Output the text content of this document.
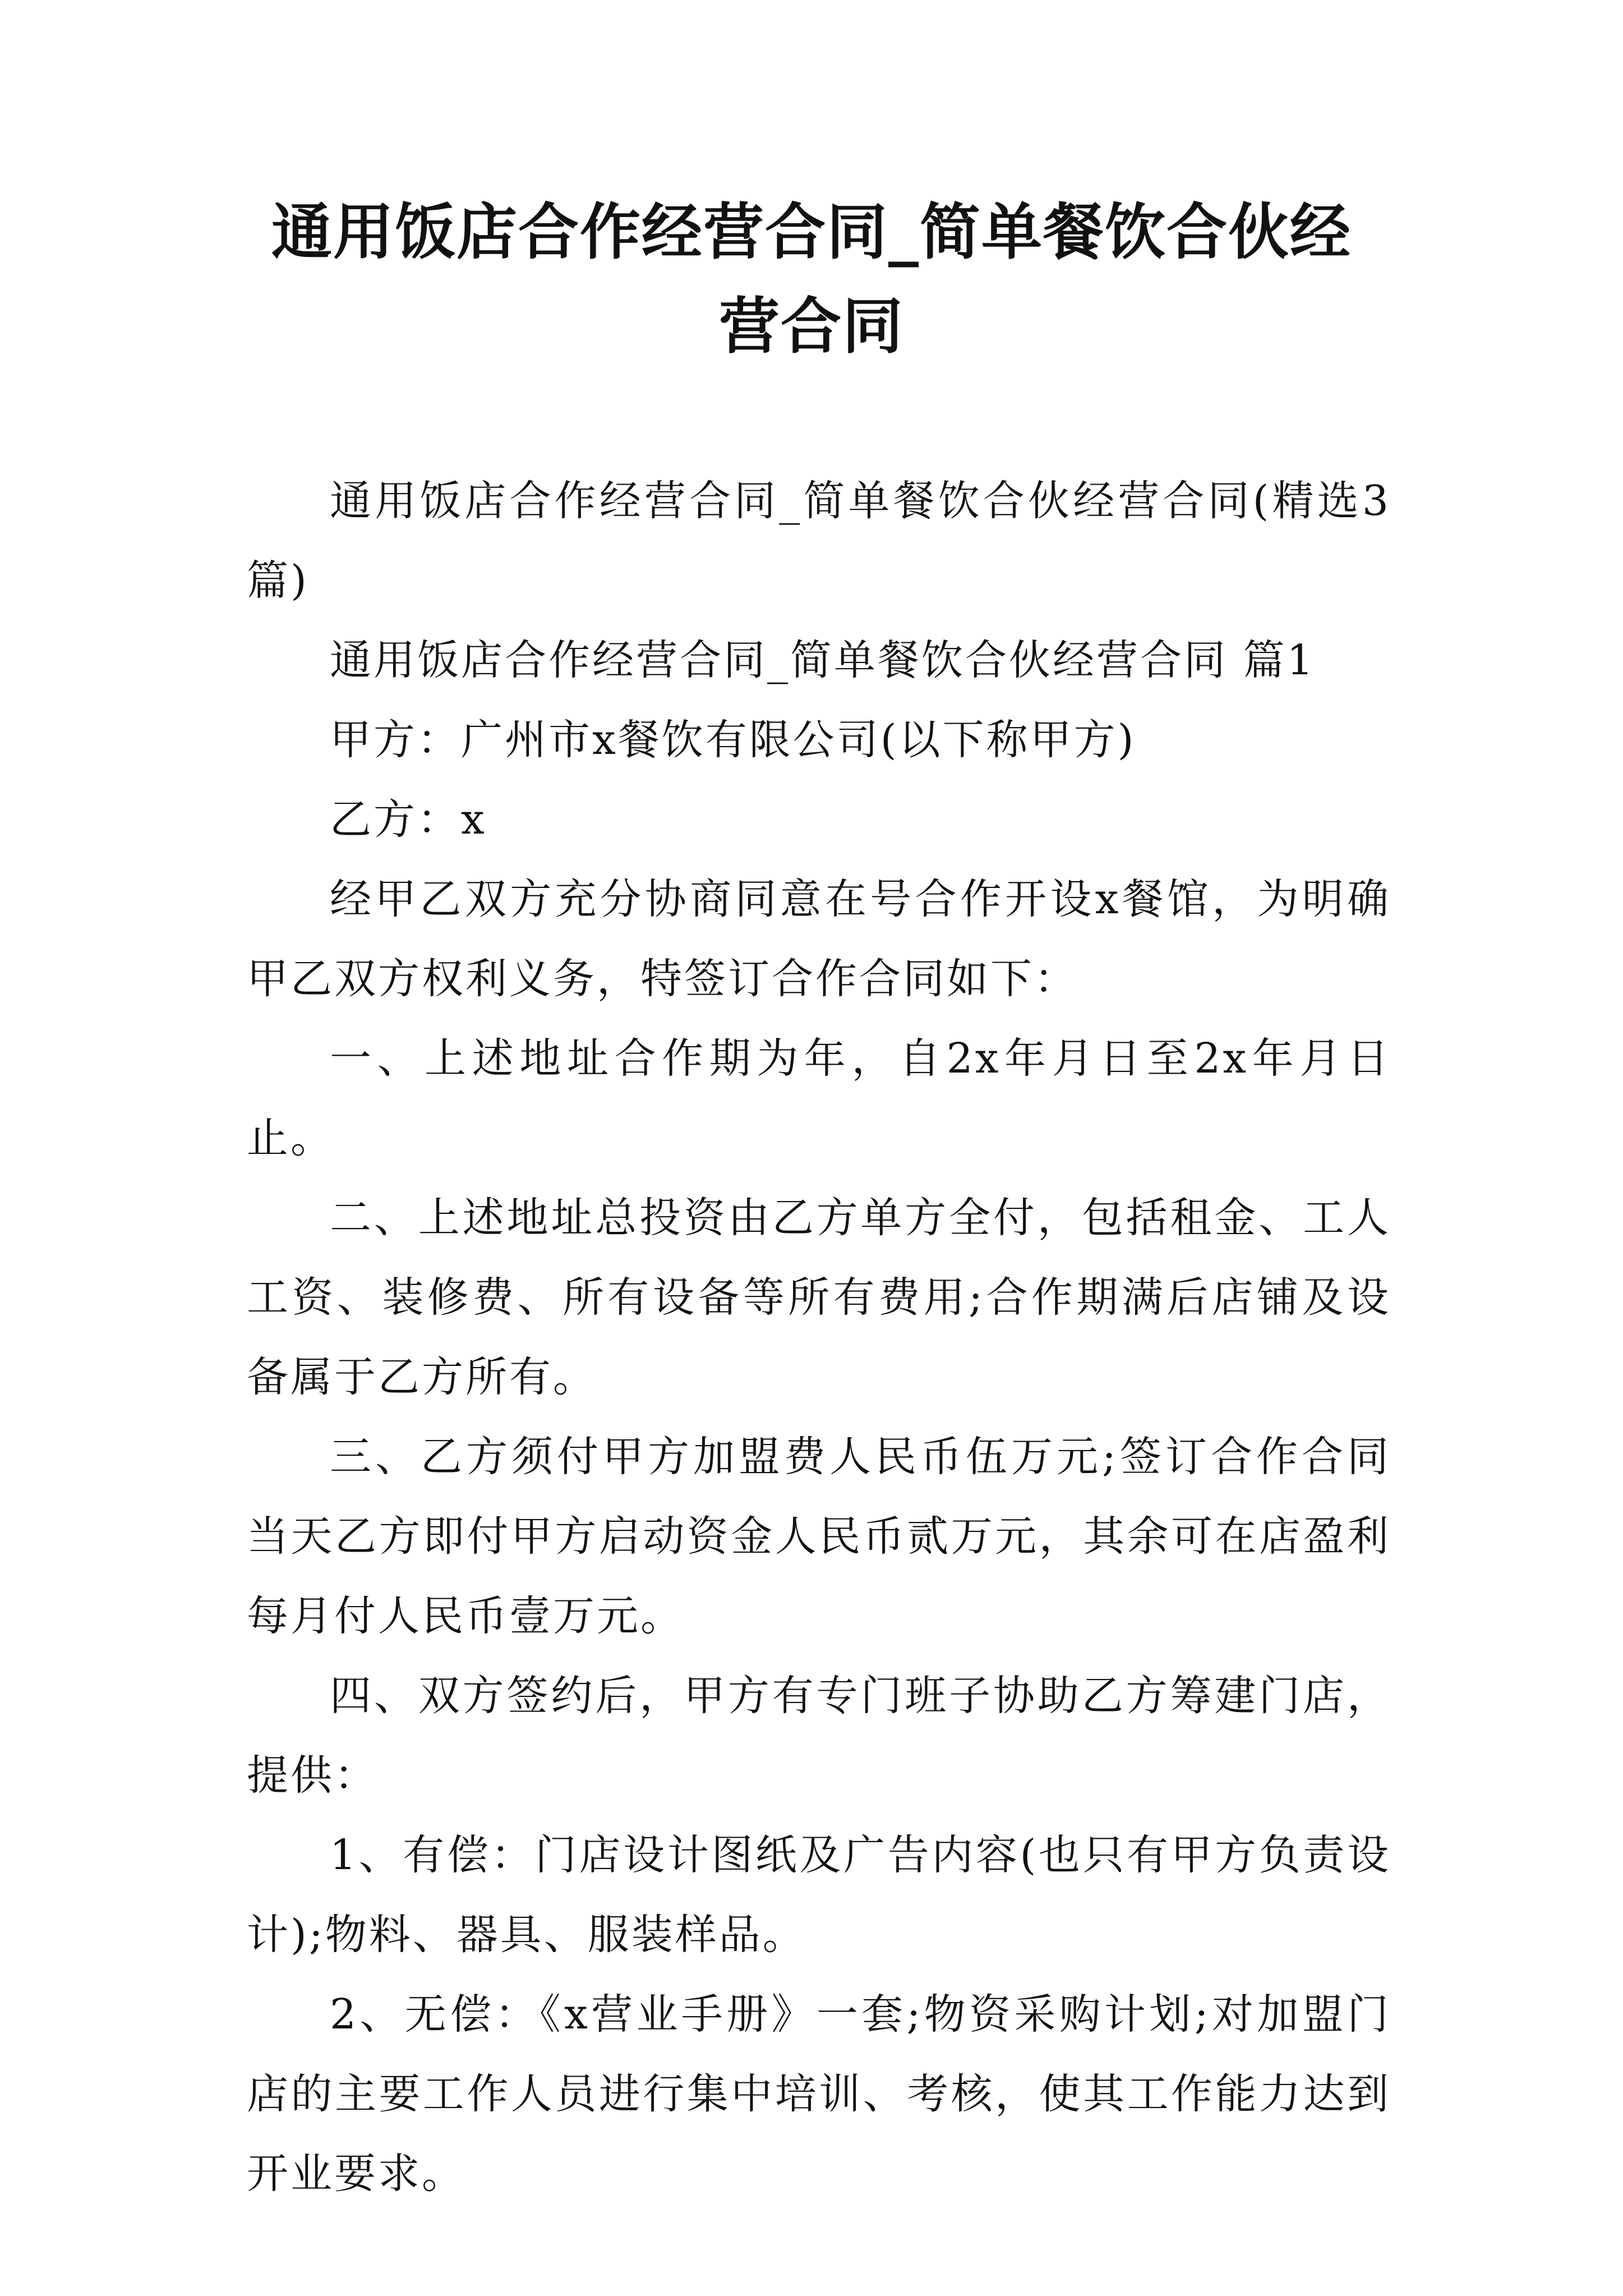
通用饭店合作经营合同_简单餐饮合伙经营合同

通用饭店合作经营合同_简单餐饮合伙经营合同(精选3篇)

通用饭店合作经营合同_简单餐饮合伙经营合同 篇1

甲方：广州市x餐饮有限公司(以下称甲方)

乙方：x

经甲乙双方充分协商同意在号合作开设x餐馆，为明确甲乙双方权利义务，特签订合作合同如下：

一、上述地址合作期为年，自2x年月日至2x年月日止。

二、上述地址总投资由乙方单方全付，包括租金、工人工资、装修费、所有设备等所有费用;合作期满后店铺及设备属于乙方所有。

三、乙方须付甲方加盟费人民币伍万元;签订合作合同当天乙方即付甲方启动资金人民币贰万元，其余可在店盈利每月付人民币壹万元。

四、双方签约后，甲方有专门班子协助乙方筹建门店，提供：

1、有偿：门店设计图纸及广告内容(也只有甲方负责设计);物料、器具、服装样品。

2、无偿：《x营业手册》一套;物资采购计划;对加盟门店的主要工作人员进行集中培训、考核，使其工作能力达到开业要求。
